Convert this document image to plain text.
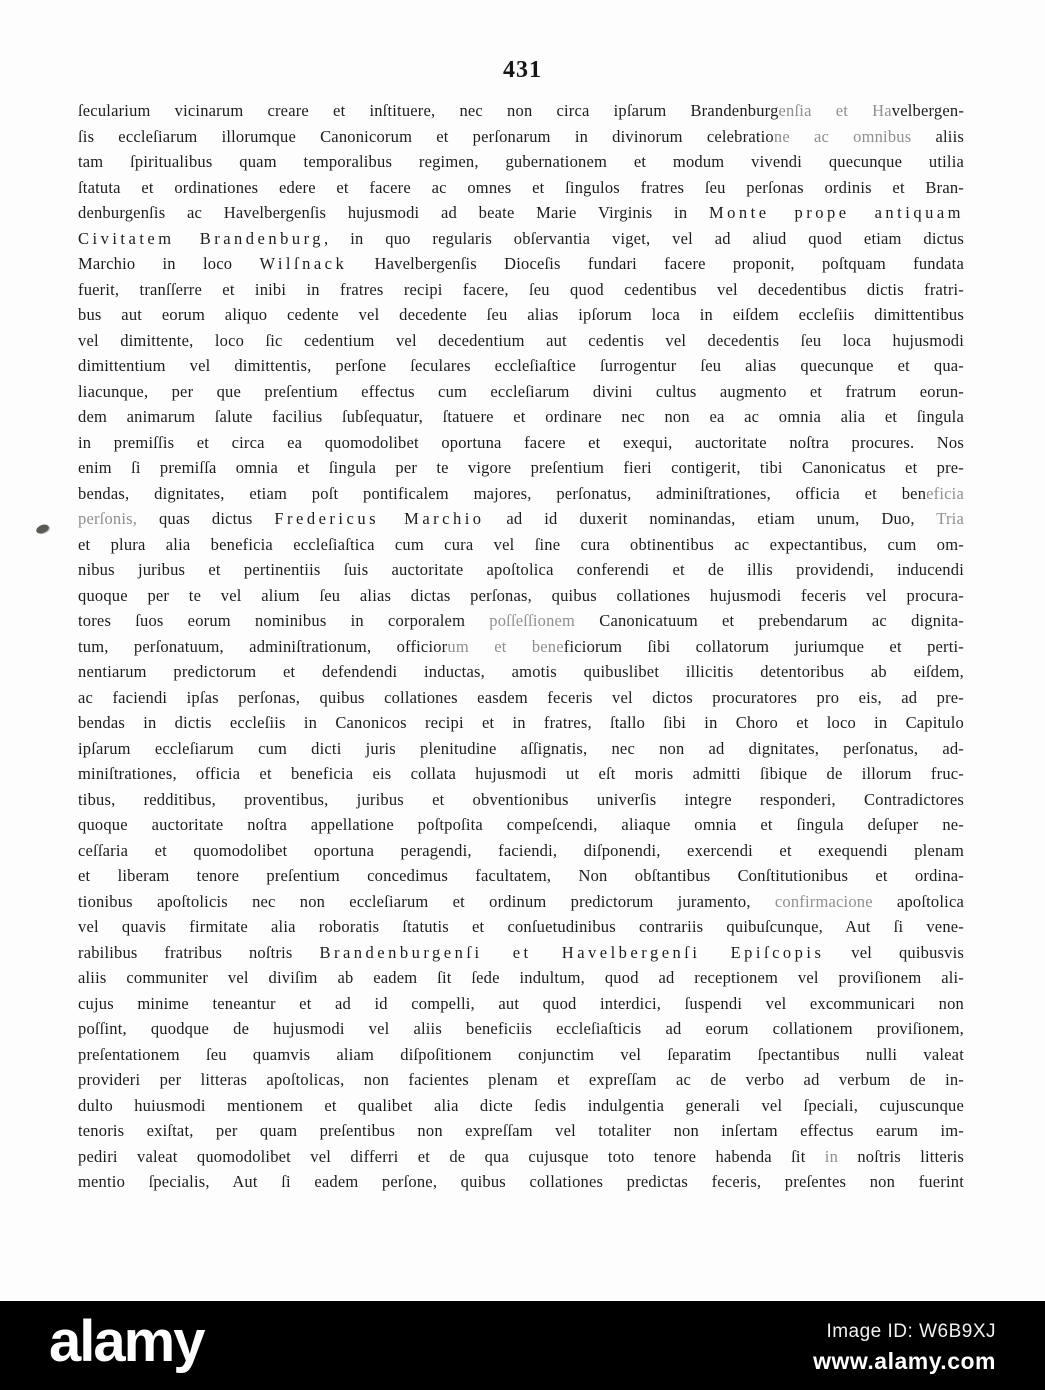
431
ſecularium vicinarum creare et inſtituere, nec non circa ipſarum Brandenburgenſia et Havelbergen-
ſis eccleſiarum illorumque Canonicorum et perſonarum in divinorum celebratione ac omnibus aliis
tam ſpiritualibus quam temporalibus regimen, gubernationem et modum vivendi quecunque utilia
ſtatuta et ordinationes edere et facere ac omnes et ſingulos fratres ſeu perſonas ordinis et Bran-
denburgenſis ac Havelbergenſis hujusmodi ad beate Marie Virginis in Monte prope antiquam
Civitatem Brandenburg, in quo regularis obſervantia viget, vel ad aliud quod etiam dictus
Marchio in loco Wilſnack Havelbergenſis Dioceſis fundari facere proponit, poſtquam fundata
fuerit, tranſſerre et inibi in fratres recipi facere, ſeu quod cedentibus vel decedentibus dictis fratri-
bus aut eorum aliquo cedente vel decedente ſeu alias ipſorum loca in eiſdem eccleſiis dimittentibus
vel dimittente, loco ſic cedentium vel decedentium aut cedentis vel decedentis ſeu loca hujusmodi
dimittentium vel dimittentis, perſone ſeculares eccleſiaſtice ſurrogentur ſeu alias quecunque et qua-
liacunque, per que preſentium effectus cum eccleſiarum divini cultus augmento et fratrum eorun-
dem animarum ſalute facilius ſubſequatur, ſtatuere et ordinare nec non ea ac omnia alia et ſingula
in premiſſis et circa ea quomodolibet oportuna facere et exequi, auctoritate noſtra procures. Nos
enim ſi premiſſa omnia et ſingula per te vigore preſentium fieri contigerit, tibi Canonicatus et pre-
bendas, dignitates, etiam poſt pontificalem majores, perſonatus, adminiſtrationes, officia et beneficia
perſonis, quas dictus Fredericus Marchio ad id duxerit nominandas, etiam unum, Duo, Tria
et plura alia beneficia eccleſiaſtica cum cura vel ſine cura obtinentibus ac expectantibus, cum om-
nibus juribus et pertinentiis ſuis auctoritate apoſtolica conferendi et de illis providendi, inducendi
quoque per te vel alium ſeu alias dictas perſonas, quibus collationes hujusmodi feceris vel procura-
tores ſuos eorum nominibus in corporalem poſſeſſionem Canonicatuum et prebendarum ac dignita-
tum, perſonatuum, adminiſtrationum, officiorum et beneficiorum ſibi collatorum juriumque et perti-
nentiarum predictorum et defendendi inductas, amotis quibuslibet illicitis detentoribus ab eiſdem,
ac faciendi ipſas perſonas, quibus collationes easdem feceris vel dictos procuratores pro eis, ad pre-
bendas in dictis eccleſiis in Canonicos recipi et in fratres, ſtallo ſibi in Choro et loco in Capitulo
ipſarum eccleſiarum cum dicti juris plenitudine aſſignatis, nec non ad dignitates, perſonatus, ad-
miniſtrationes, officia et beneficia eis collata hujusmodi ut eſt moris admitti ſibique de illorum fruc-
tibus, redditibus, proventibus, juribus et obventionibus univerſis integre responderi, Contradictores
quoque auctoritate noſtra appellatione poſtpoſita compeſcendi, aliaque omnia et ſingula deſuper ne-
ceſſaria et quomodolibet oportuna peragendi, faciendi, diſponendi, exercendi et exequendi plenam
et liberam tenore preſentium concedimus facultatem, Non obſtantibus Conſtitutionibus et ordina-
tionibus apoſtolicis nec non eccleſiarum et ordinum predictorum juramento, confirmacione apoſtolica
vel quavis firmitate alia roboratis ſtatutis et conſuetudinibus contrariis quibuſcunque, Aut ſi vene-
rabilibus fratribus noſtris Brandenburgenſi et Havelbergenſi Epiſcopis vel quibusvis
aliis communiter vel diviſim ab eadem ſit ſede indultum, quod ad receptionem vel proviſionem ali-
cujus minime teneantur et ad id compelli, aut quod interdici, ſuspendi vel excommunicari non
poſſint, quodque de hujusmodi vel aliis beneficiis eccleſiaſticis ad eorum collationem proviſionem,
preſentationem ſeu quamvis aliam diſpoſitionem conjunctim vel ſeparatim ſpectantibus nulli valeat
provideri per litteras apoſtolicas, non facientes plenam et expreſſam ac de verbo ad verbum de in-
dulto huiusmodi mentionem et qualibet alia dicte ſedis indulgentia generali vel ſpeciali, cujuscunque
tenoris exiſtat, per quam preſentibus non expreſſam vel totaliter non inſertam effectus earum im-
pediri valeat quomodolibet vel differri et de qua cujusque toto tenore habenda ſit in noſtris litteris
mentio ſpecialis, Aut ſi eadem perſone, quibus collationes predictas feceris, preſentes non fuerint
alamy	Image ID: W6B9XJ
www.alamy.com
